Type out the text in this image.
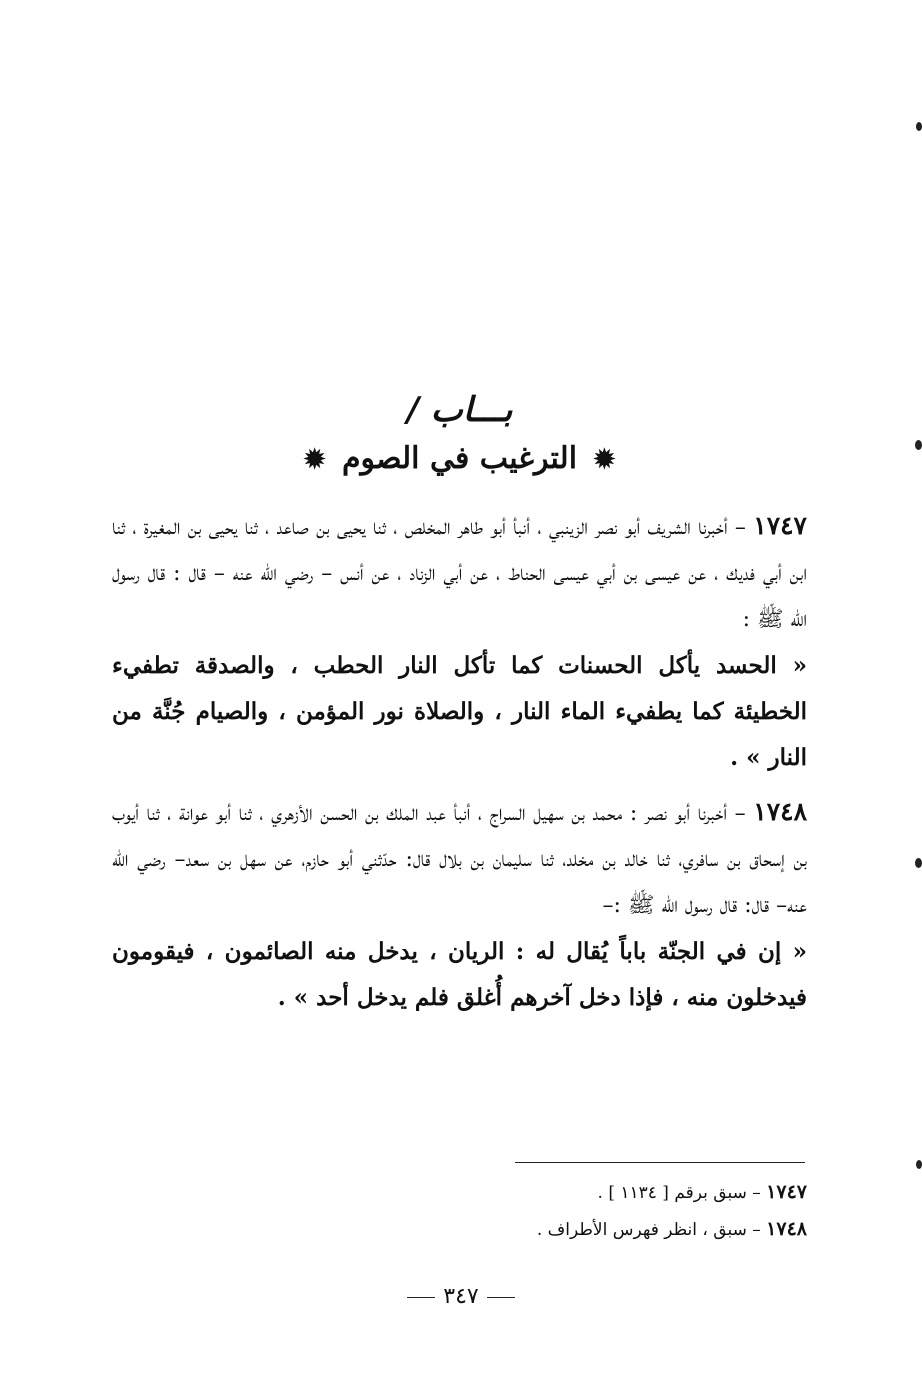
بـــاب /
✹ الترغيب في الصوم ✹

١٧٤٧ – أخبرنا الشريف أبو نصر الزينبي ، أنبأ أبو طاهر المخلص ، ثنا يحيى بن صاعد ، ثنا يحيى بن المغيرة ، ثنا ابن أبي فديك ، عن عيسى بن أبي عيسى الحناط ، عن أبي الزناد ، عن أنس – رضي الله عنه – قال : قال رسول الله ﷺ :

« الحسد يأكل الحسنات كما تأكل النار الحطب ، والصدقة تطفيء الخطيئة كما يطفيء الماء النار ، والصلاة نور المؤمن ، والصيام جُنَّة من النار » .

١٧٤٨ – أخبرنا أبو نصر : محمد بن سهيل السراج ، أنبأ عبد الملك بن الحسن الأزهري ، ثنا أبو عوانة ، ثنا أيوب بن إسحاق بن سافري، ثنا خالد بن مخلد، ثنا سليمان بن بلال قال: حدّثني أبو حازم، عن سهل بن سعد– رضي الله عنه– قال: قال رسول الله ﷺ :–

« إن في الجنّة باباً يُقال له : الريان ، يدخل منه الصائمون ، فيقومون فيدخلون منه ، فإذا دخل آخرهم أُغلق فلم يدخل أحد » .

١٧٤٧ – سبق برقم [ ١١٣٤ ] .

١٧٤٨ – سبق ، انظر فهرس الأطراف .

٣٤٧
